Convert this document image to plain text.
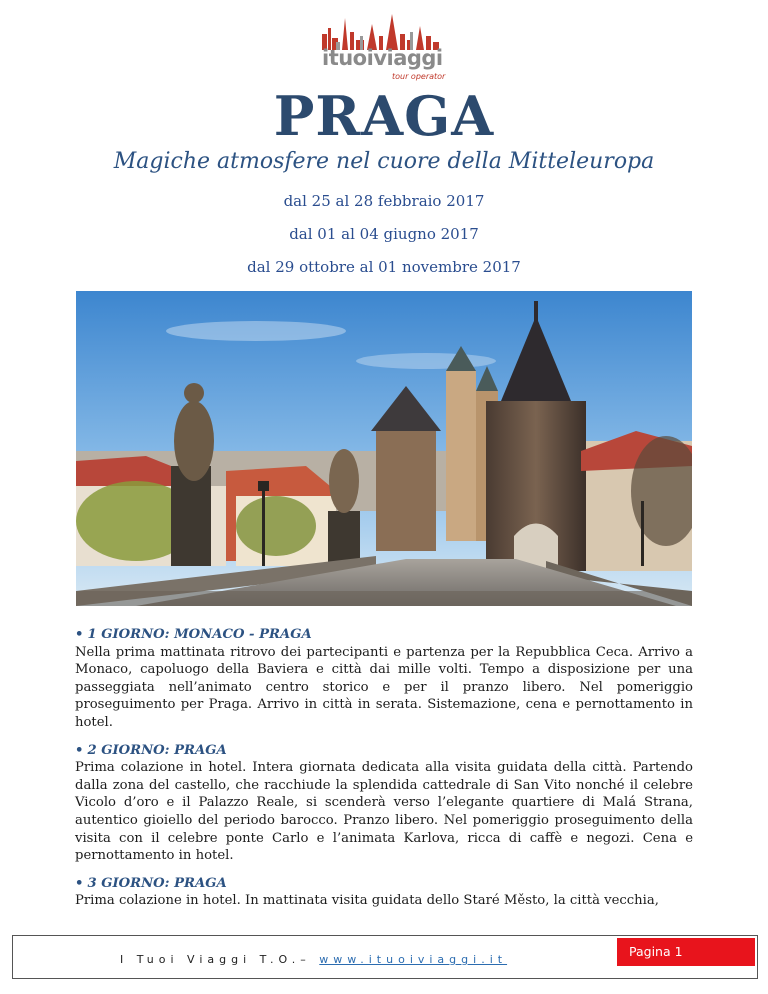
ituoiviaggi
tour operator
PRAGA
Magiche atmosfere nel cuore della Mitteleuropa
dal 25 al 28 febbraio 2017
dal 01 al 04 giugno 2017
dal 29 ottobre al 01 novembre 2017
• 1 GIORNO: MONACO - PRAGA
Nella prima mattinata ritrovo dei partecipanti e partenza per la Repubblica Ceca. Arrivo a Monaco, capoluogo della Baviera e città dai mille volti. Tempo a disposizione per una passeggiata nell’animato centro storico e per il pranzo libero. Nel pomeriggio proseguimento per Praga. Arrivo in città in serata. Sistemazione, cena e pernottamento in hotel.
• 2 GIORNO: PRAGA
Prima colazione in hotel. Intera giornata dedicata alla visita guidata della città. Partendo dalla zona del castello, che racchiude la splendida cattedrale di San Vito nonché il celebre Vicolo d’oro e il Palazzo Reale, si scenderà verso l’elegante quartiere di Malá Strana, autentico gioiello del periodo barocco. Pranzo libero. Nel pomeriggio proseguimento della visita con il celebre ponte Carlo e l’animata Karlova, ricca di caffè e negozi. Cena e pernottamento in hotel.
• 3 GIORNO: PRAGA
Prima colazione in hotel. In mattinata visita guidata dello Staré Město, la città vecchia,
I Tuoi Viaggi T.O.– www.ituoiviaggi.it
Pagina 1
